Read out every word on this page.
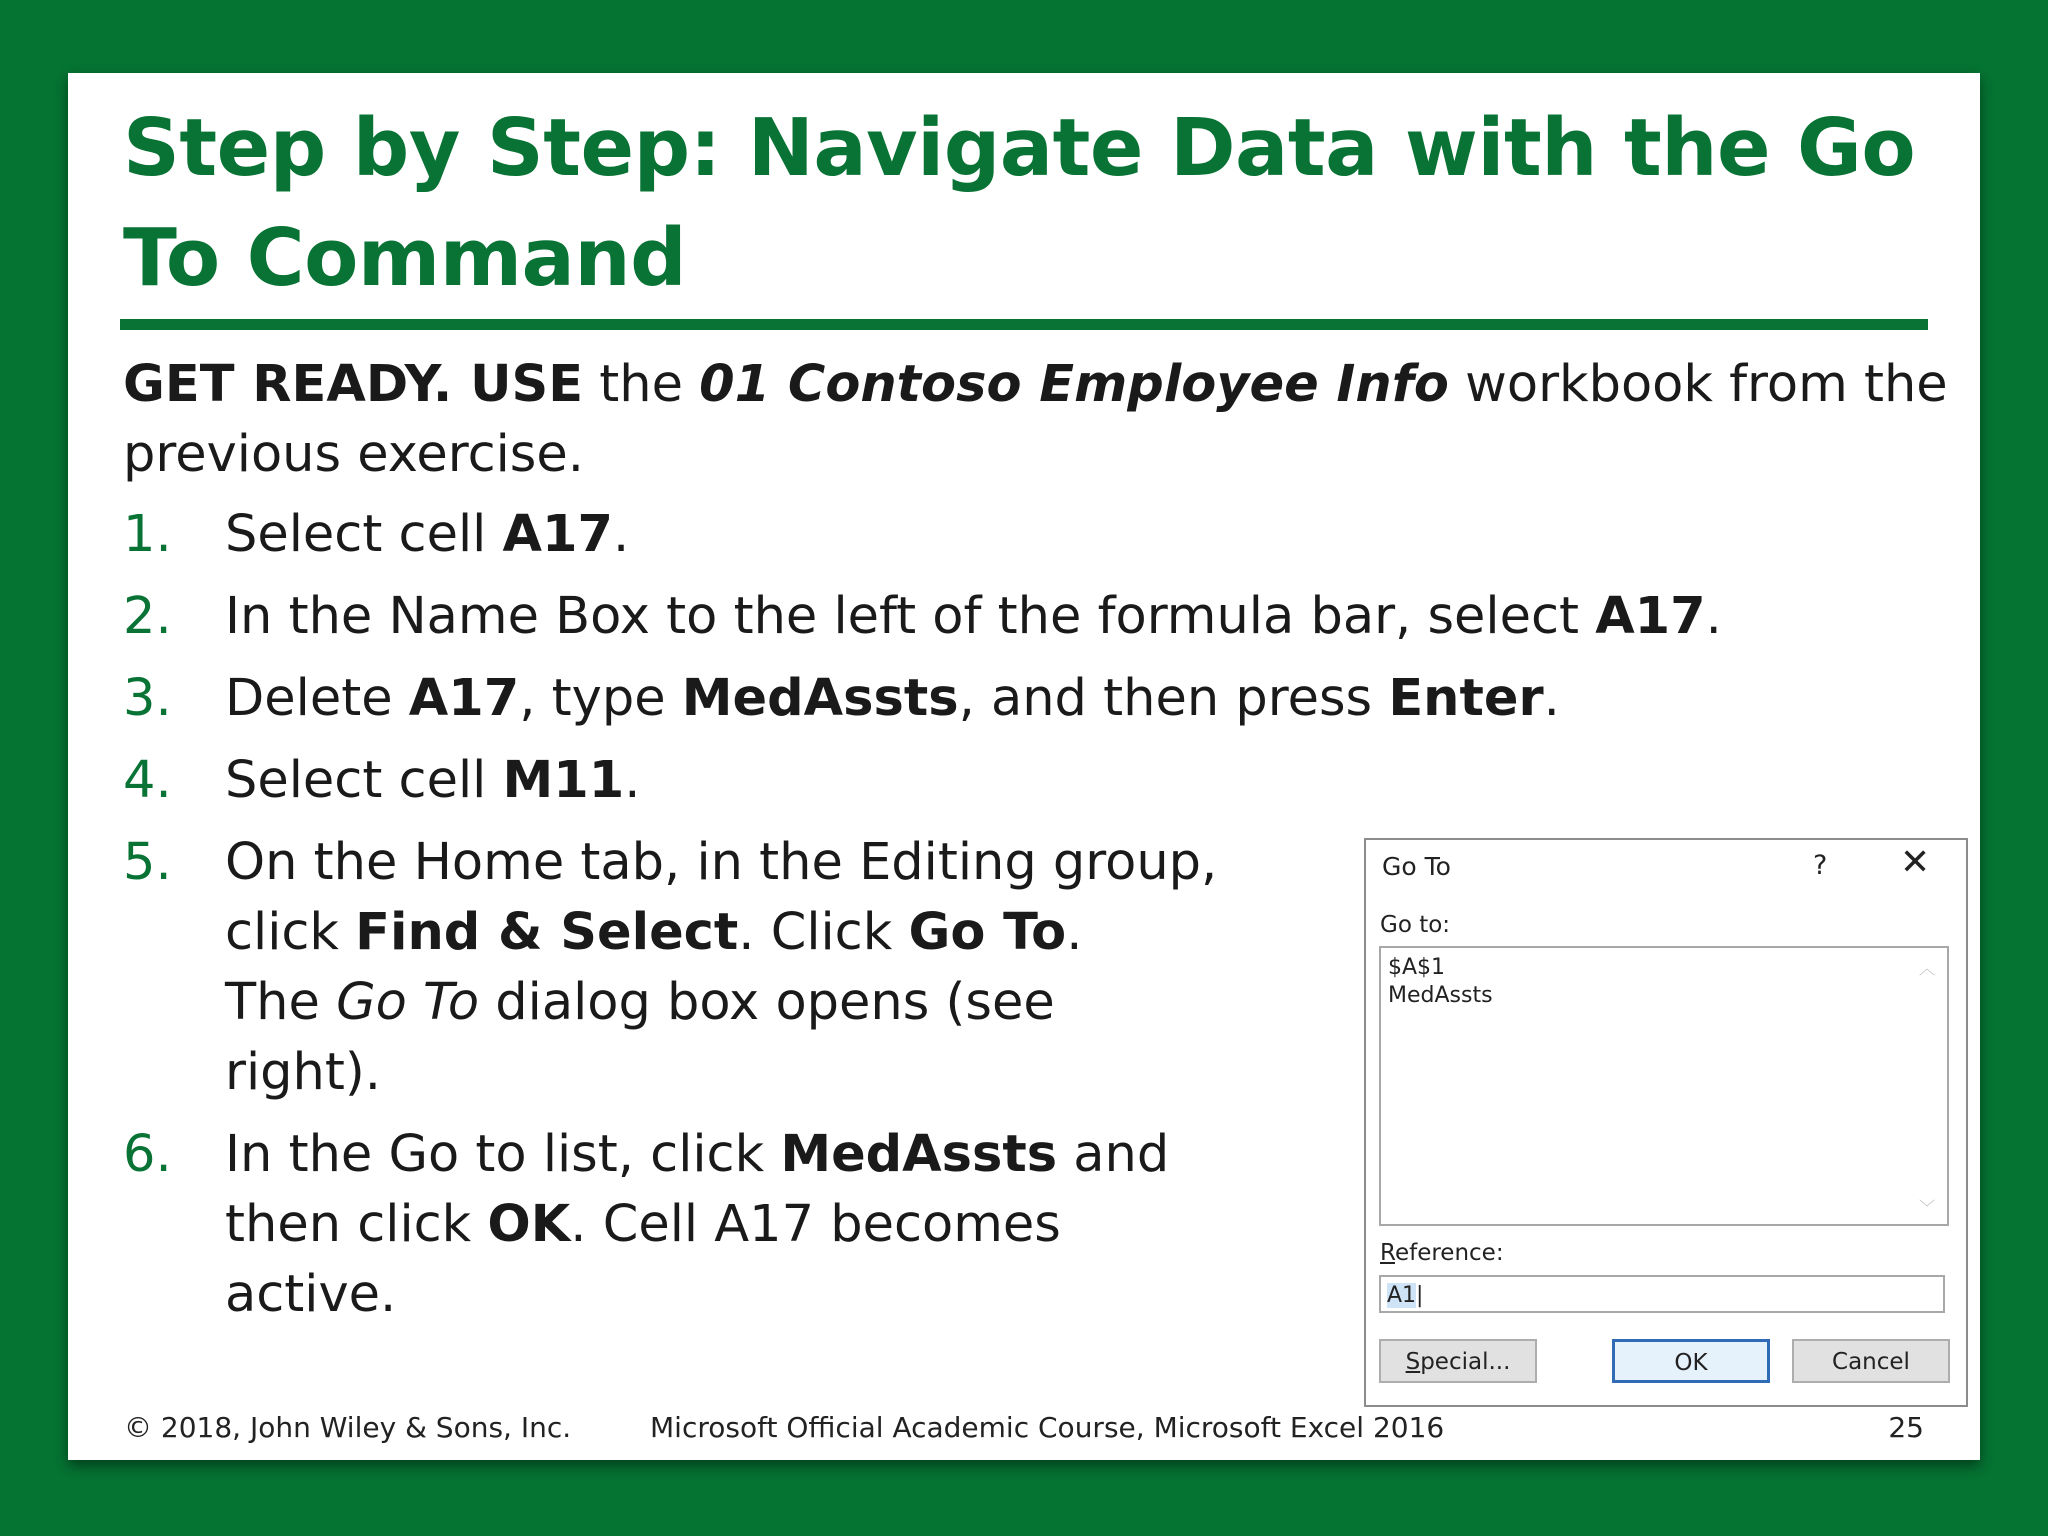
Step by Step: Navigate Data with the Go To Command

GET READY. USE the 01 Contoso Employee Info workbook from the previous exercise.

1. Select cell A17.
2. In the Name Box to the left of the formula bar, select A17.
3. Delete A17, type MedAssts, and then press Enter.
4. Select cell M11.
5. On the Home tab, in the Editing group, click Find & Select. Click Go To.
The Go To dialog box opens (see right).
6. In the Go to list, click MedAssts and then click OK. Cell A17 becomes active.
Go To	? ✕
Go to:
$A$1
MedAssts
︿
﹀
Reference:
A1|
Special...	OK	Cancel
© 2018, John Wiley & Sons, Inc.	Microsoft Official Academic Course, Microsoft Excel 2016	25
